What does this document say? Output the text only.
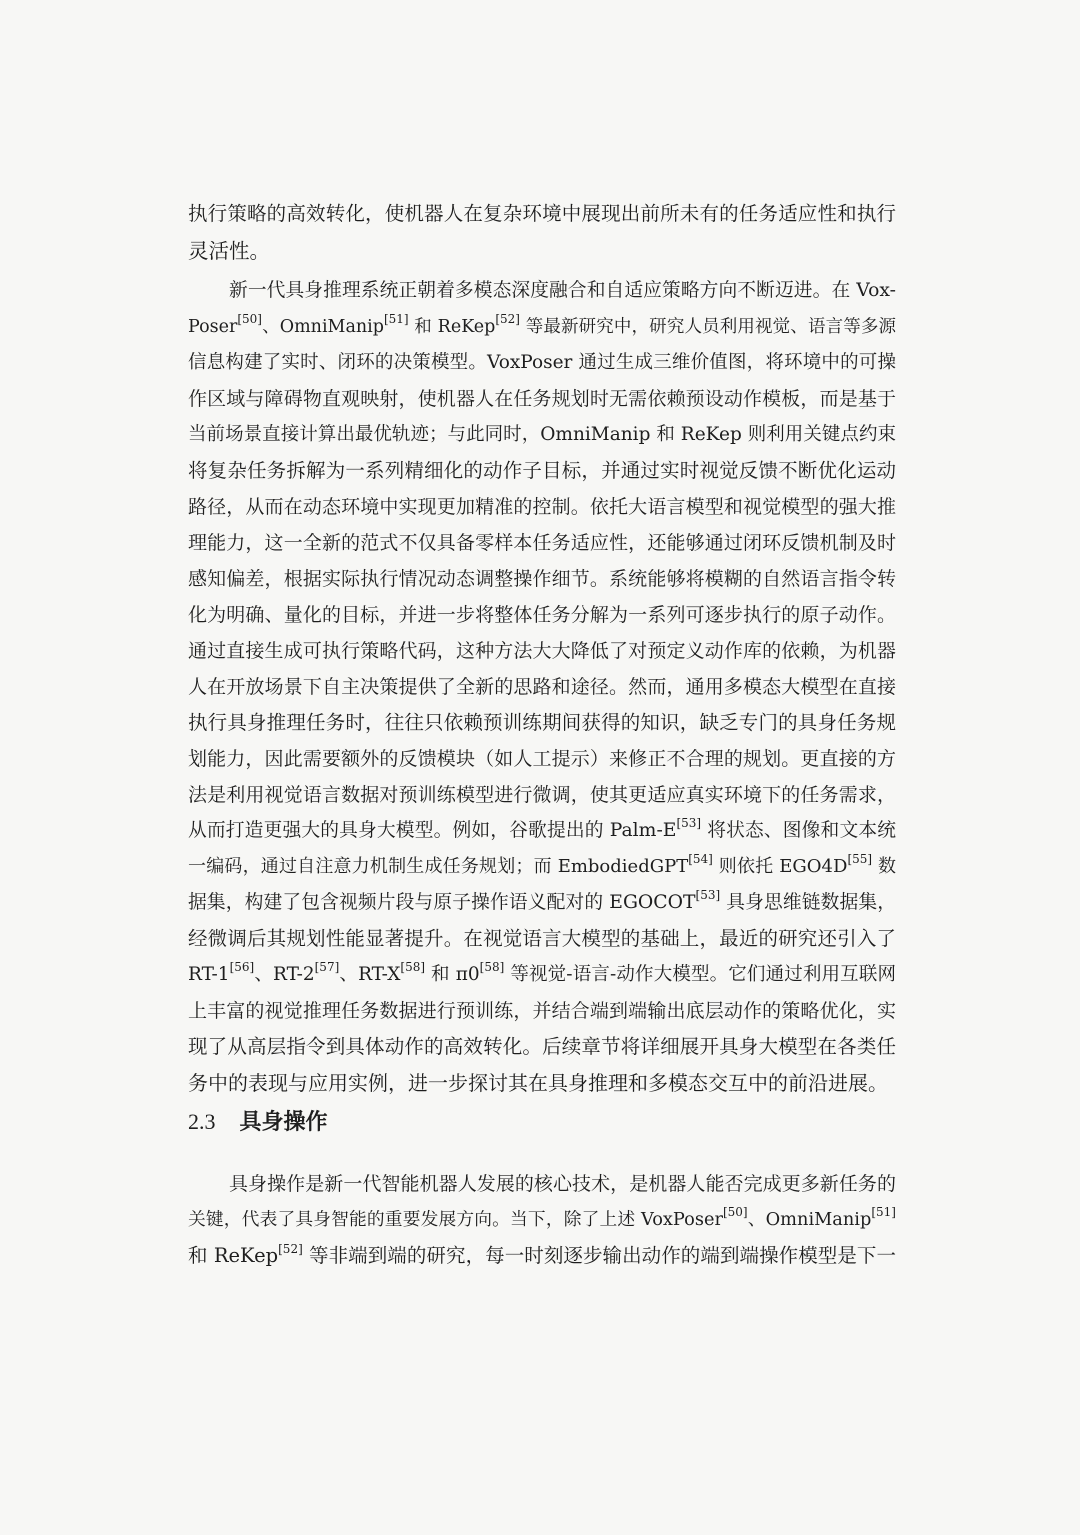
执行策略的高效转化，使机器人在复杂环境中展现出前所未有的任务适应性和执行
灵活性。
新一代具身推理系统正朝着多模态深度融合和自适应策略方向不断迈进。在 Vox-
Poser[50]、OmniManip[51] 和 ReKep[52] 等最新研究中，研究人员利用视觉、语言等多源
信息构建了实时、闭环的决策模型。VoxPoser 通过生成三维价值图，将环境中的可操
作区域与障碍物直观映射，使机器人在任务规划时无需依赖预设动作模板，而是基于
当前场景直接计算出最优轨迹；与此同时，OmniManip 和 ReKep 则利用关键点约束
将复杂任务拆解为一系列精细化的动作子目标，并通过实时视觉反馈不断优化运动
路径，从而在动态环境中实现更加精准的控制。依托大语言模型和视觉模型的强大推
理能力，这一全新的范式不仅具备零样本任务适应性，还能够通过闭环反馈机制及时
感知偏差，根据实际执行情况动态调整操作细节。系统能够将模糊的自然语言指令转
化为明确、量化的目标，并进一步将整体任务分解为一系列可逐步执行的原子动作。
通过直接生成可执行策略代码，这种方法大大降低了对预定义动作库的依赖，为机器
人在开放场景下自主决策提供了全新的思路和途径。然而，通用多模态大模型在直接
执行具身推理任务时，往往只依赖预训练期间获得的知识，缺乏专门的具身任务规
划能力，因此需要额外的反馈模块（如人工提示）来修正不合理的规划。更直接的方
法是利用视觉语言数据对预训练模型进行微调，使其更适应真实环境下的任务需求，
从而打造更强大的具身大模型。例如，谷歌提出的 Palm-E[53] 将状态、图像和文本统
一编码，通过自注意力机制生成任务规划；而 EmbodiedGPT[54] 则依托 EGO4D[55] 数
据集，构建了包含视频片段与原子操作语义配对的 EGOCOT[53] 具身思维链数据集，
经微调后其规划性能显著提升。在视觉语言大模型的基础上，最近的研究还引入了
RT-1[56]、RT-2[57]、RT-X[58] 和 π0[58] 等视觉-语言-动作大模型。它们通过利用互联网
上丰富的视觉推理任务数据进行预训练，并结合端到端输出底层动作的策略优化，实
现了从高层指令到具体动作的高效转化。后续章节将详细展开具身大模型在各类任
务中的表现与应用实例，进一步探讨其在具身推理和多模态交互中的前沿进展。
2.3 具身操作
具身操作是新一代智能机器人发展的核心技术，是机器人能否完成更多新任务的
关键，代表了具身智能的重要发展方向。当下，除了上述 VoxPoser[50]、OmniManip[51]
和 ReKep[52] 等非端到端的研究，每一时刻逐步输出动作的端到端操作模型是下一
